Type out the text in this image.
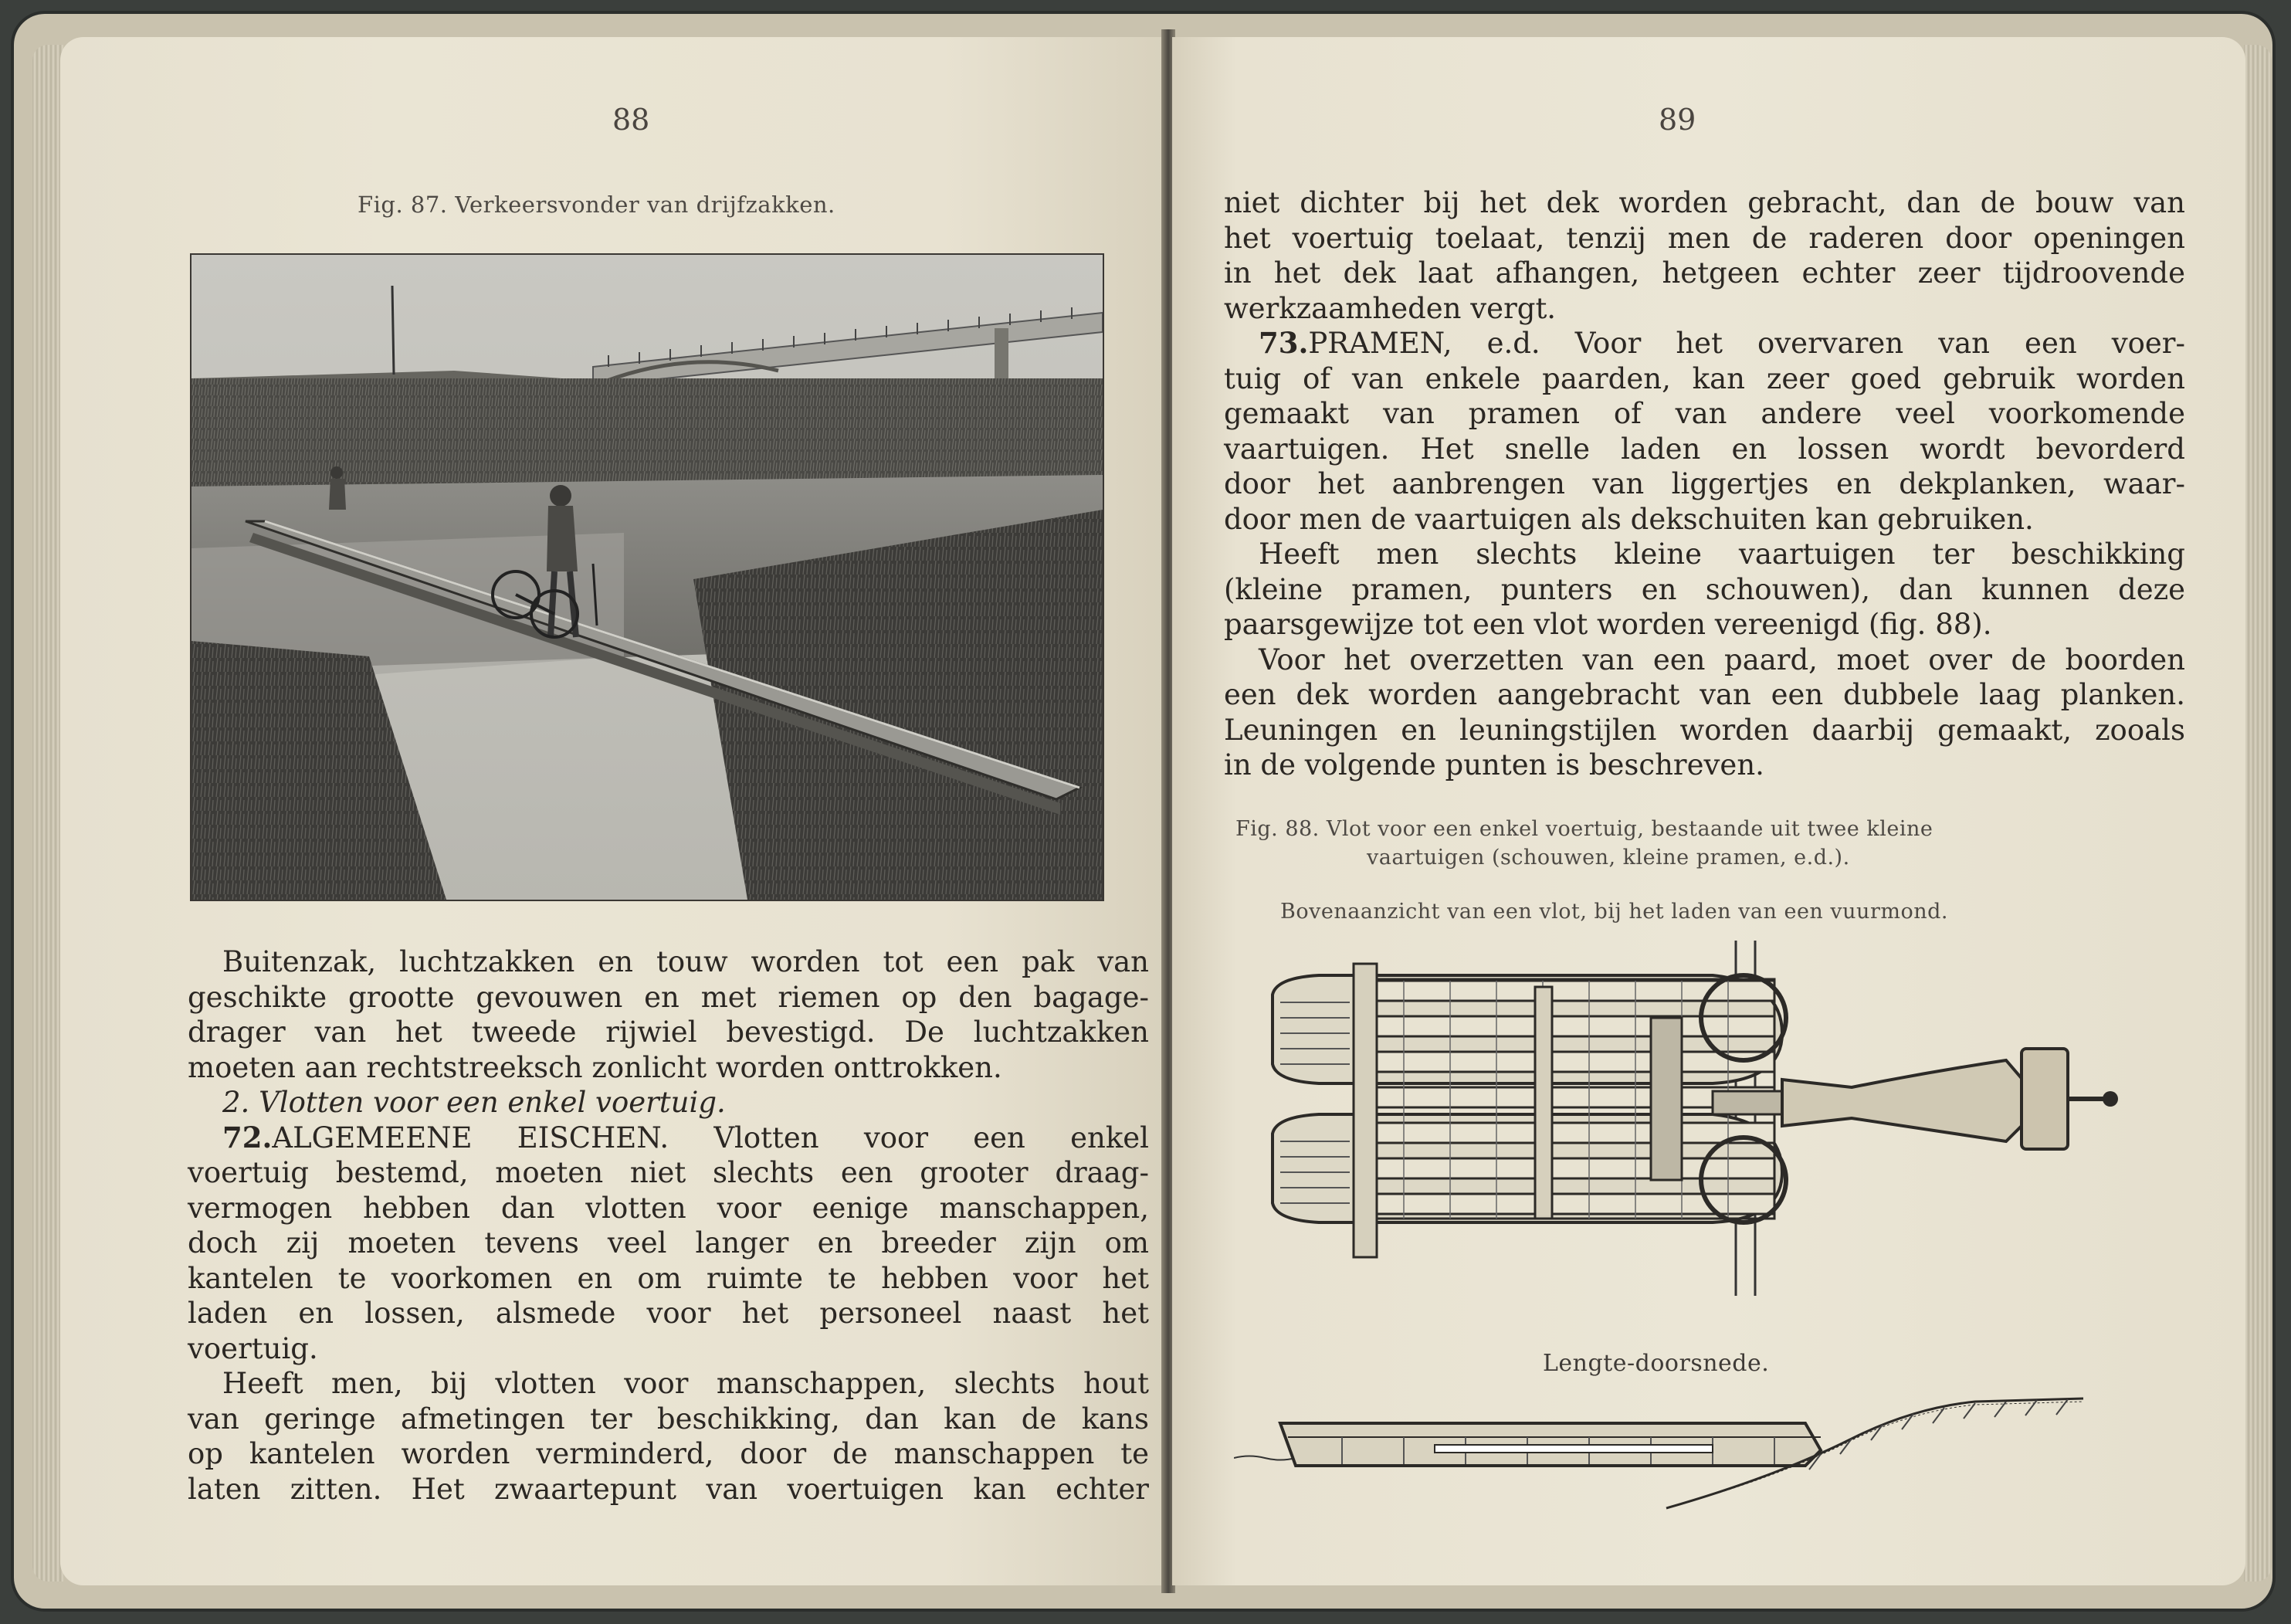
88
Fig. 87. Verkeersvonder van drijfzakken.
Buitenzak, luchtzakken en touw worden tot een pak van
geschikte grootte gevouwen en met riemen op den bagage-
drager van het tweede rijwiel bevestigd. De luchtzakken
moeten aan rechtstreeksch zonlicht worden onttrokken.
2. Vlotten voor een enkel voertuig.
72. ALGEMEENE EISCHEN. Vlotten voor een enkel
voertuig bestemd, moeten niet slechts een grooter draag-
vermogen hebben dan vlotten voor eenige manschappen,
doch zij moeten tevens veel langer en breeder zijn om
kantelen te voorkomen en om ruimte te hebben voor het
laden en lossen, alsmede voor het personeel naast het
voertuig.
Heeft men, bij vlotten voor manschappen, slechts hout
van geringe afmetingen ter beschikking, dan kan de kans
op kantelen worden verminderd, door de manschappen te
laten zitten. Het zwaartepunt van voertuigen kan echter
89
niet dichter bij het dek worden gebracht, dan de bouw van
het voertuig toelaat, tenzij men de raderen door openingen
in het dek laat afhangen, hetgeen echter zeer tijdroovende
werkzaamheden vergt.
73. PRAMEN, e.d. Voor het overvaren van een voer-
tuig of van enkele paarden, kan zeer goed gebruik worden
gemaakt van pramen of van andere veel voorkomende
vaartuigen. Het snelle laden en lossen wordt bevorderd
door het aanbrengen van liggertjes en dekplanken, waar-
door men de vaartuigen als dekschuiten kan gebruiken.
Heeft men slechts kleine vaartuigen ter beschikking
(kleine pramen, punters en schouwen), dan kunnen deze
paarsgewijze tot een vlot worden vereenigd (fig. 88).
Voor het overzetten van een paard, moet over de boorden
een dek worden aangebracht van een dubbele laag planken.
Leuningen en leuningstijlen worden daarbij gemaakt, zooals
in de volgende punten is beschreven.
Fig. 88. Vlot voor een enkel voertuig, bestaande uit twee kleine
vaartuigen (schouwen, kleine pramen, e.d.).
Bovenaanzicht van een vlot, bij het laden van een vuurmond.
Lengte-doorsnede.
